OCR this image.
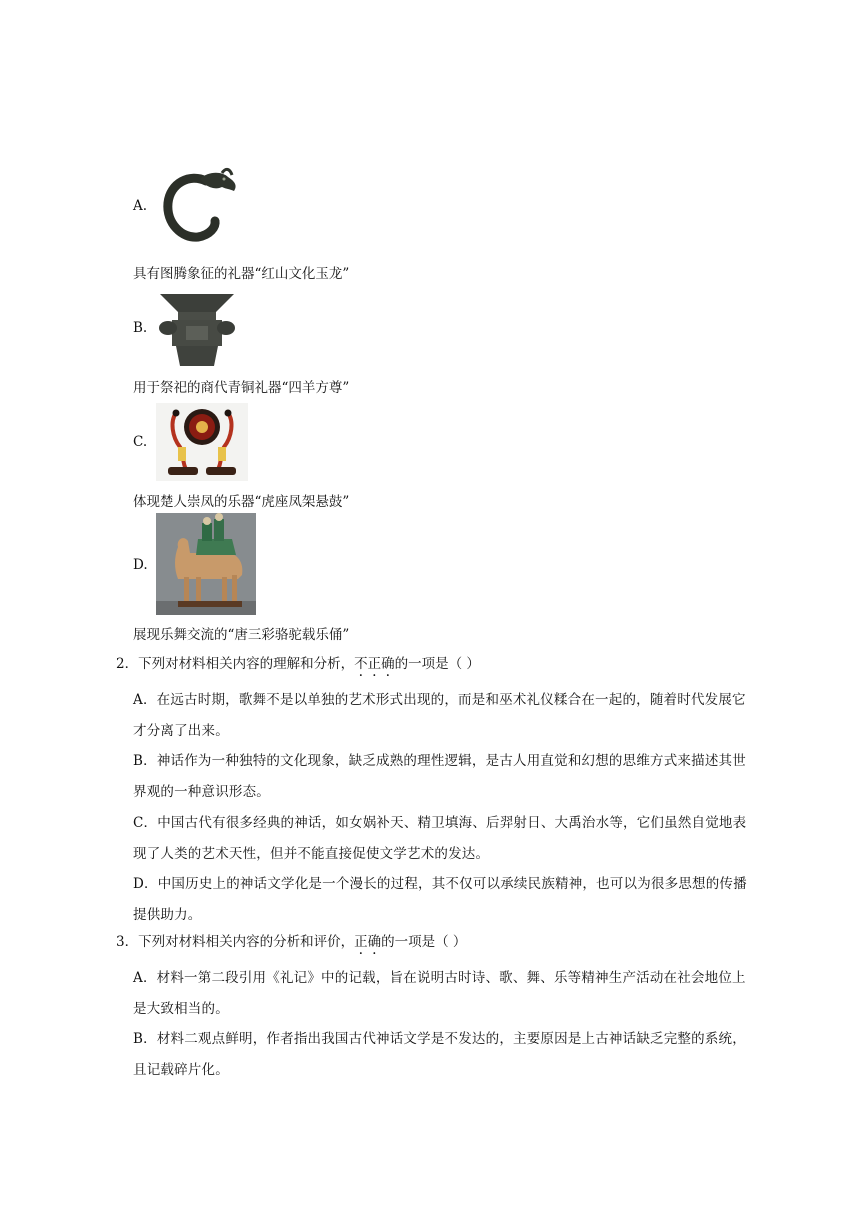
A.
具有图腾象征的礼器“红山文化玉龙”
B.
用于祭祀的商代青铜礼器“四羊方尊”
C.
体现楚人崇凤的乐器“虎座凤架悬鼓”
D.
展现乐舞交流的“唐三彩骆驼载乐俑”
2．下列对材料相关内容的理解和分析，不正确的一项是（ ）
A．在远古时期，歌舞不是以单独的艺术形式出现的，而是和巫术礼仪糅合在一起的，随着时代发展它
才分离了出来。
B．神话作为一种独特的文化现象，缺乏成熟的理性逻辑，是古人用直觉和幻想的思维方式来描述其世
界观的一种意识形态。
C．中国古代有很多经典的神话，如女娲补天、精卫填海、后羿射日、大禹治水等，它们虽然自觉地表
现了人类的艺术天性，但并不能直接促使文学艺术的发达。
D．中国历史上的神话文学化是一个漫长的过程，其不仅可以承续民族精神，也可以为很多思想的传播
提供助力。
3．下列对材料相关内容的分析和评价，正确的一项是（ ）
A．材料一第二段引用《礼记》中的记载，旨在说明古时诗、歌、舞、乐等精神生产活动在社会地位上
是大致相当的。
B．材料二观点鲜明，作者指出我国古代神话文学是不发达的，主要原因是上古神话缺乏完整的系统，
且记载碎片化。
